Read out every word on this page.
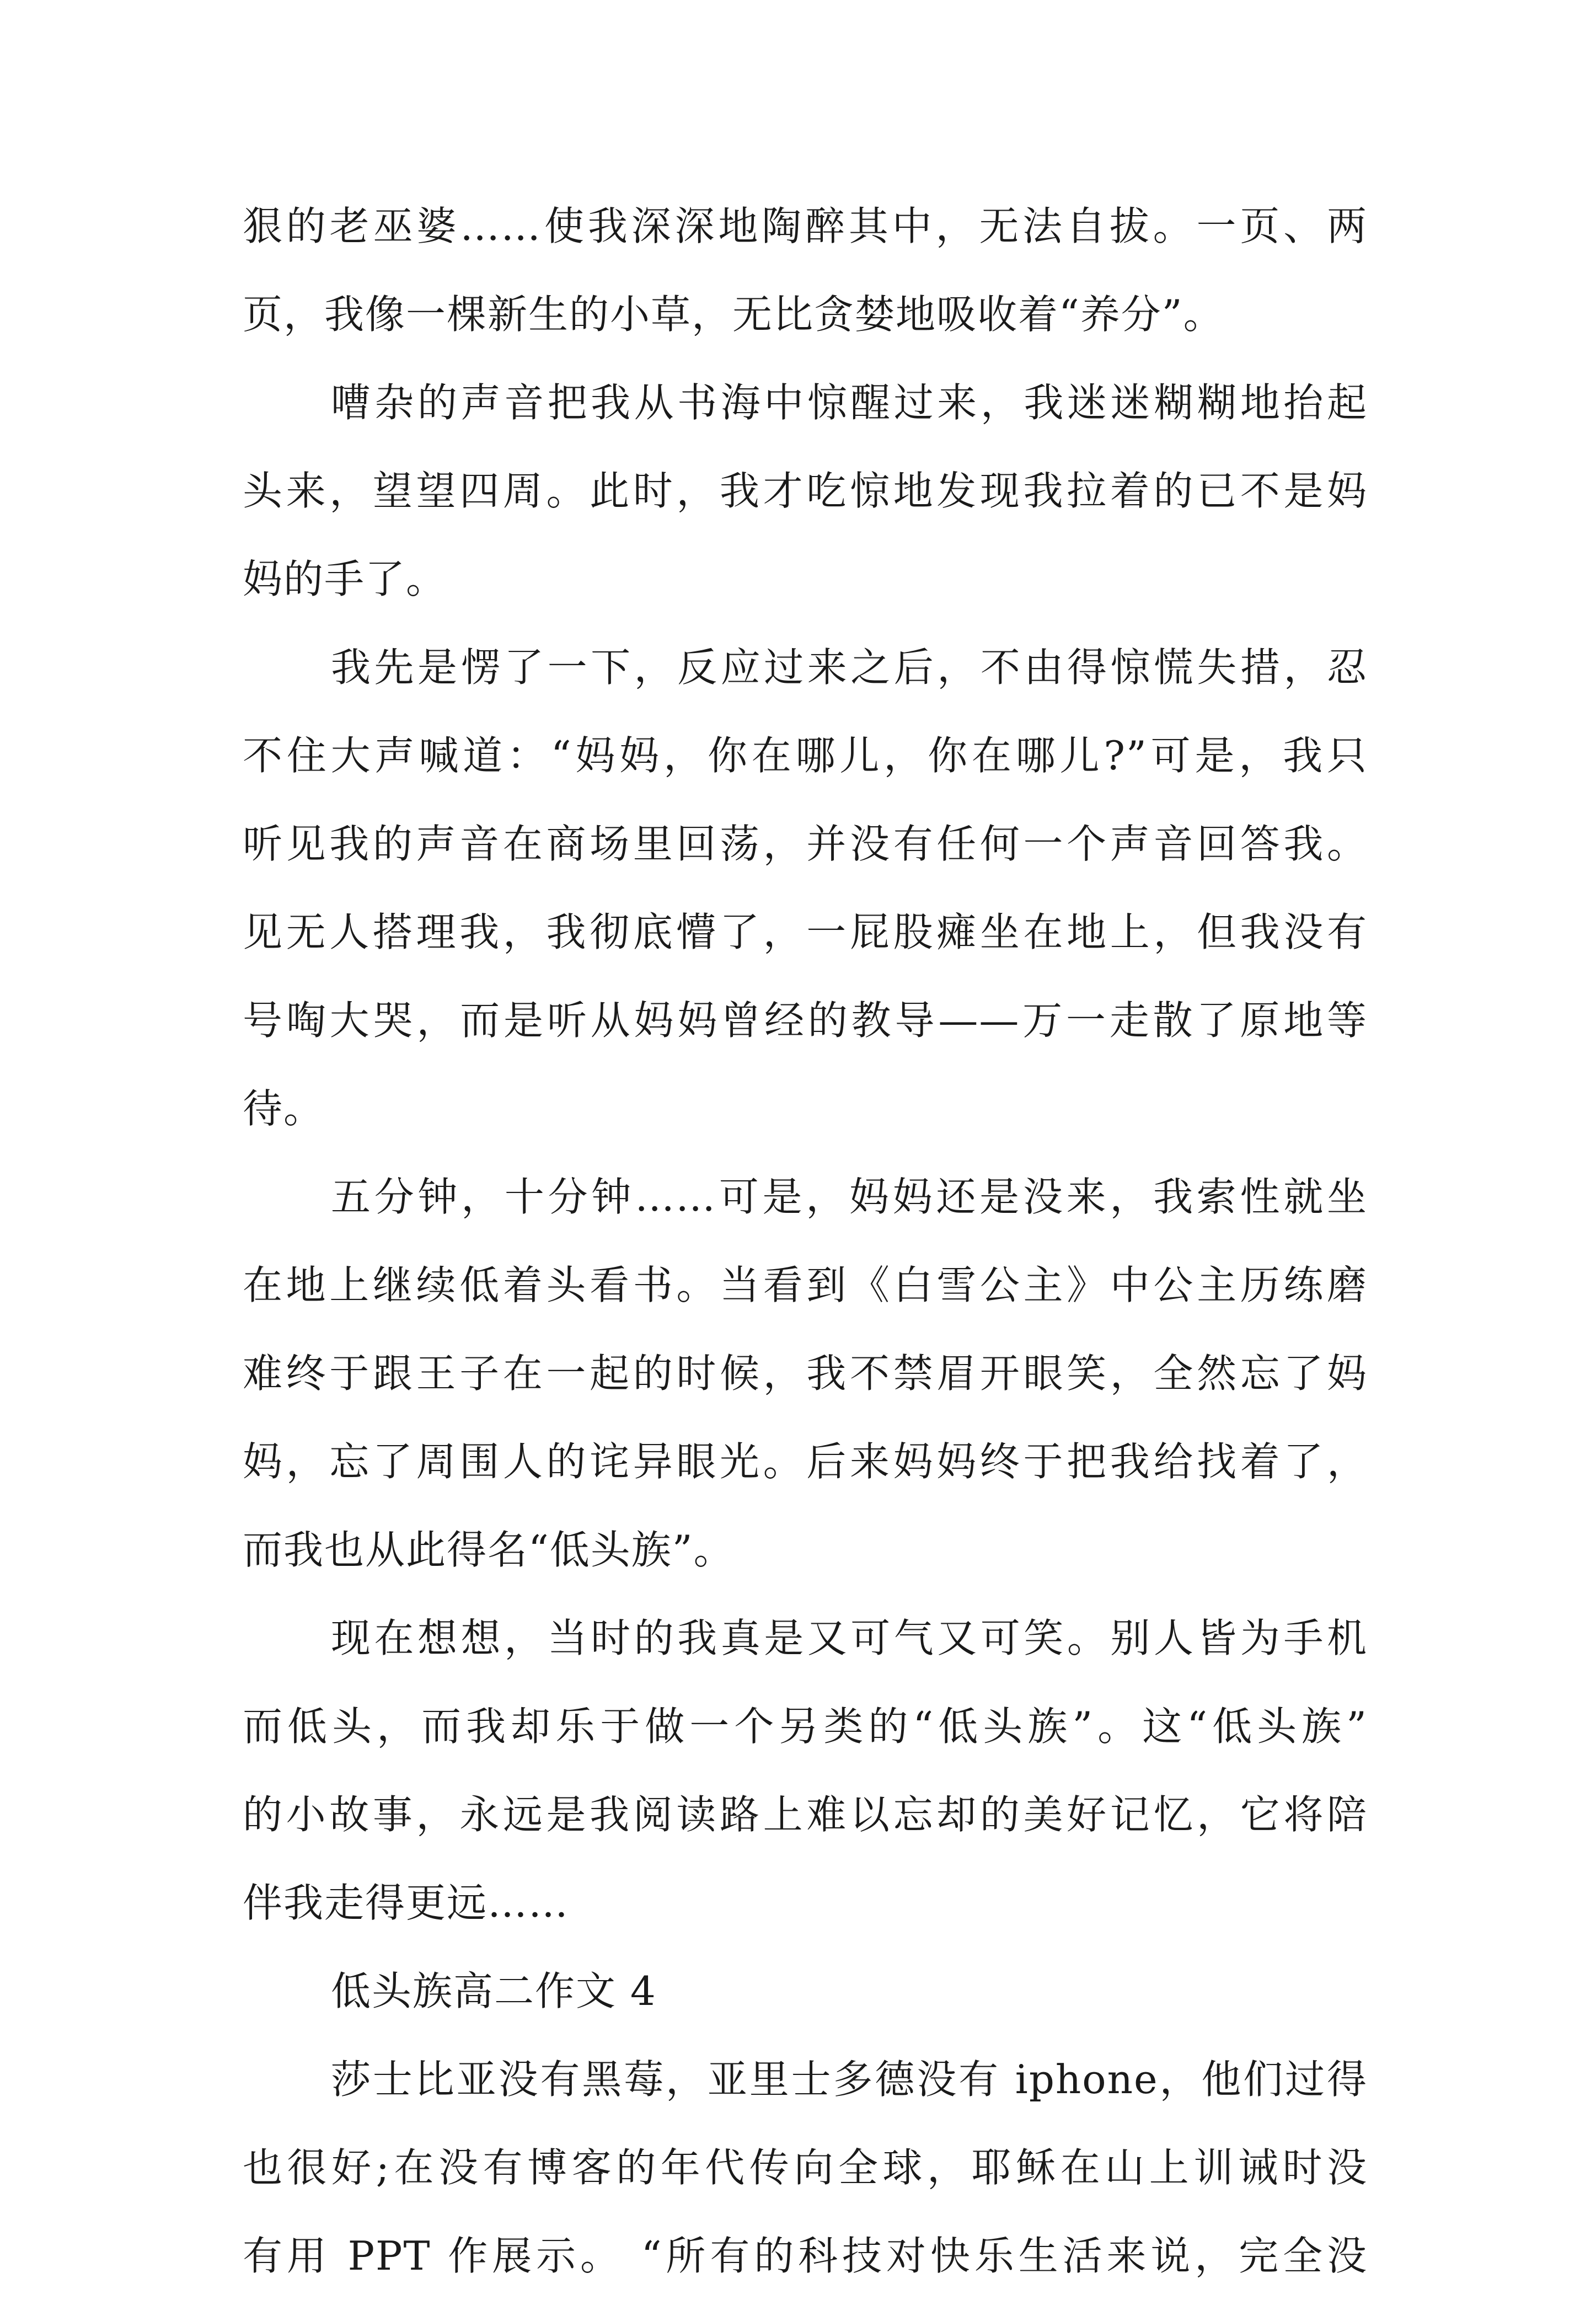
狠的老巫婆……使我深深地陶醉其中，无法自拔。一页、两
页，我像一棵新生的小草，无比贪婪地吸收着“养分”。
嘈杂的声音把我从书海中惊醒过来，我迷迷糊糊地抬起
头来，望望四周。此时，我才吃惊地发现我拉着的已不是妈
妈的手了。
我先是愣了一下，反应过来之后，不由得惊慌失措，忍
不住大声喊道：“妈妈，你在哪儿，你在哪儿?”可是，我只
听见我的声音在商场里回荡，并没有任何一个声音回答我。
见无人搭理我，我彻底懵了，一屁股瘫坐在地上，但我没有
号啕大哭，而是听从妈妈曾经的教导——万一走散了原地等
待。
五分钟，十分钟……可是，妈妈还是没来，我索性就坐
在地上继续低着头看书。当看到《白雪公主》中公主历练磨
难终于跟王子在一起的时候，我不禁眉开眼笑，全然忘了妈
妈，忘了周围人的诧异眼光。后来妈妈终于把我给找着了，
而我也从此得名“低头族”。
现在想想，当时的我真是又可气又可笑。别人皆为手机
而低头，而我却乐于做一个另类的“低头族”。这“低头族”
的小故事，永远是我阅读路上难以忘却的美好记忆，它将陪
伴我走得更远……
低头族高二作文 4
莎士比亚没有黑莓，亚里士多德没有 iphone，他们过得
也很好;在没有博客的年代传向全球，耶稣在山上训诫时没
有用 PPT 作展示。 “所有的科技对快乐生活来说，完全没
